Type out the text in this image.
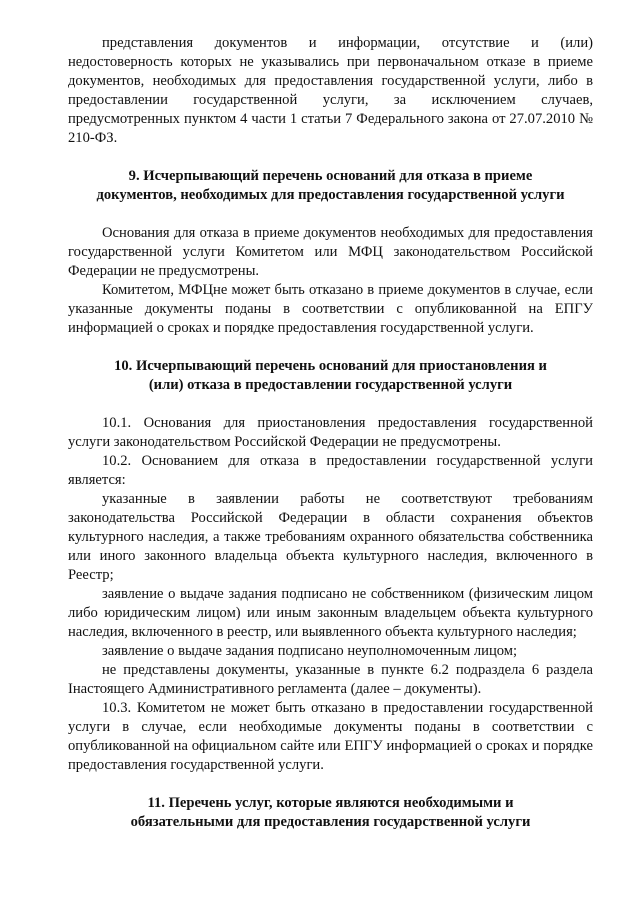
представления документов и информации, отсутствие и (или) недостоверность которых не указывались при первоначальном отказе в приеме документов, необходимых для предоставления государственной услуги, либо в предоставлении государственной услуги, за исключением случаев, предусмотренных пунктом 4 части 1 статьи 7 Федерального закона от 27.07.2010 № 210-ФЗ.

9. Исчерпывающий перечень оснований для отказа в приеме

документов, необходимых для предоставления государственной услуги

Основания для отказа в приеме документов необходимых для предоставления государственной услуги Комитетом или МФЦ законодательством Российской Федерации не предусмотрены.

Комитетом, МФЦне может быть отказано в приеме документов в случае, если указанные документы поданы в соответствии с опубликованной на ЕПГУ информацией о сроках и порядке предоставления государственной услуги.

10. Исчерпывающий перечень оснований для приостановления и

(или) отказа в предоставлении государственной услуги

10.1. Основания для приостановления предоставления государственной услуги законодательством Российской Федерации не предусмотрены.

10.2. Основанием для отказа в предоставлении государственной услуги является:

указанные в заявлении работы не соответствуют требованиям законодательства Российской Федерации в области сохранения объектов культурного наследия, а также требованиям охранного обязательства собственника или иного законного владельца объекта культурного наследия, включенного в Реестр;

заявление о выдаче задания подписано не собственником (физическим лицом либо юридическим лицом) или иным законным владельцем объекта культурного наследия, включенного в реестр, или выявленного объекта культурного наследия;

заявление о выдаче задания подписано неуполномоченным лицом;

не представлены документы, указанные в пункте 6.2 подраздела 6 раздела Iнастоящего Административного регламента (далее – документы).

10.3. Комитетом не может быть отказано в предоставлении государственной услуги в случае, если необходимые документы поданы в соответствии с опубликованной на официальном сайте или ЕПГУ информацией о сроках и порядке предоставления государственной услуги.

11. Перечень услуг, которые являются необходимыми и

обязательными для предоставления государственной услуги
